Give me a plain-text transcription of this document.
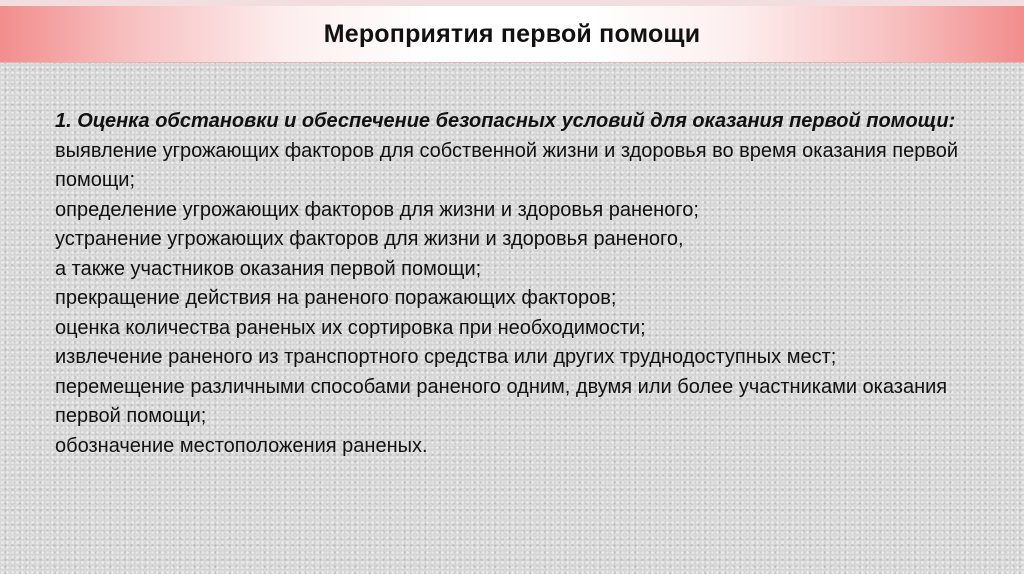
Мероприятия первой помощи

1. Оценка обстановки и обеспечение безопасных условий для оказания первой помощи:

выявление угрожающих факторов для собственной жизни и здоровья во время оказания первой помощи;

определение угрожающих факторов для жизни и здоровья раненого;

устранение угрожающих факторов для жизни и здоровья раненого,

а также участников оказания первой помощи;

прекращение действия на раненого поражающих факторов;

оценка количества раненых их сортировка при необходимости;

извлечение раненого из транспортного средства или других труднодоступных мест;

перемещение различными способами раненого одним, двумя или более участниками оказания первой помощи;

обозначение местоположения раненых.
